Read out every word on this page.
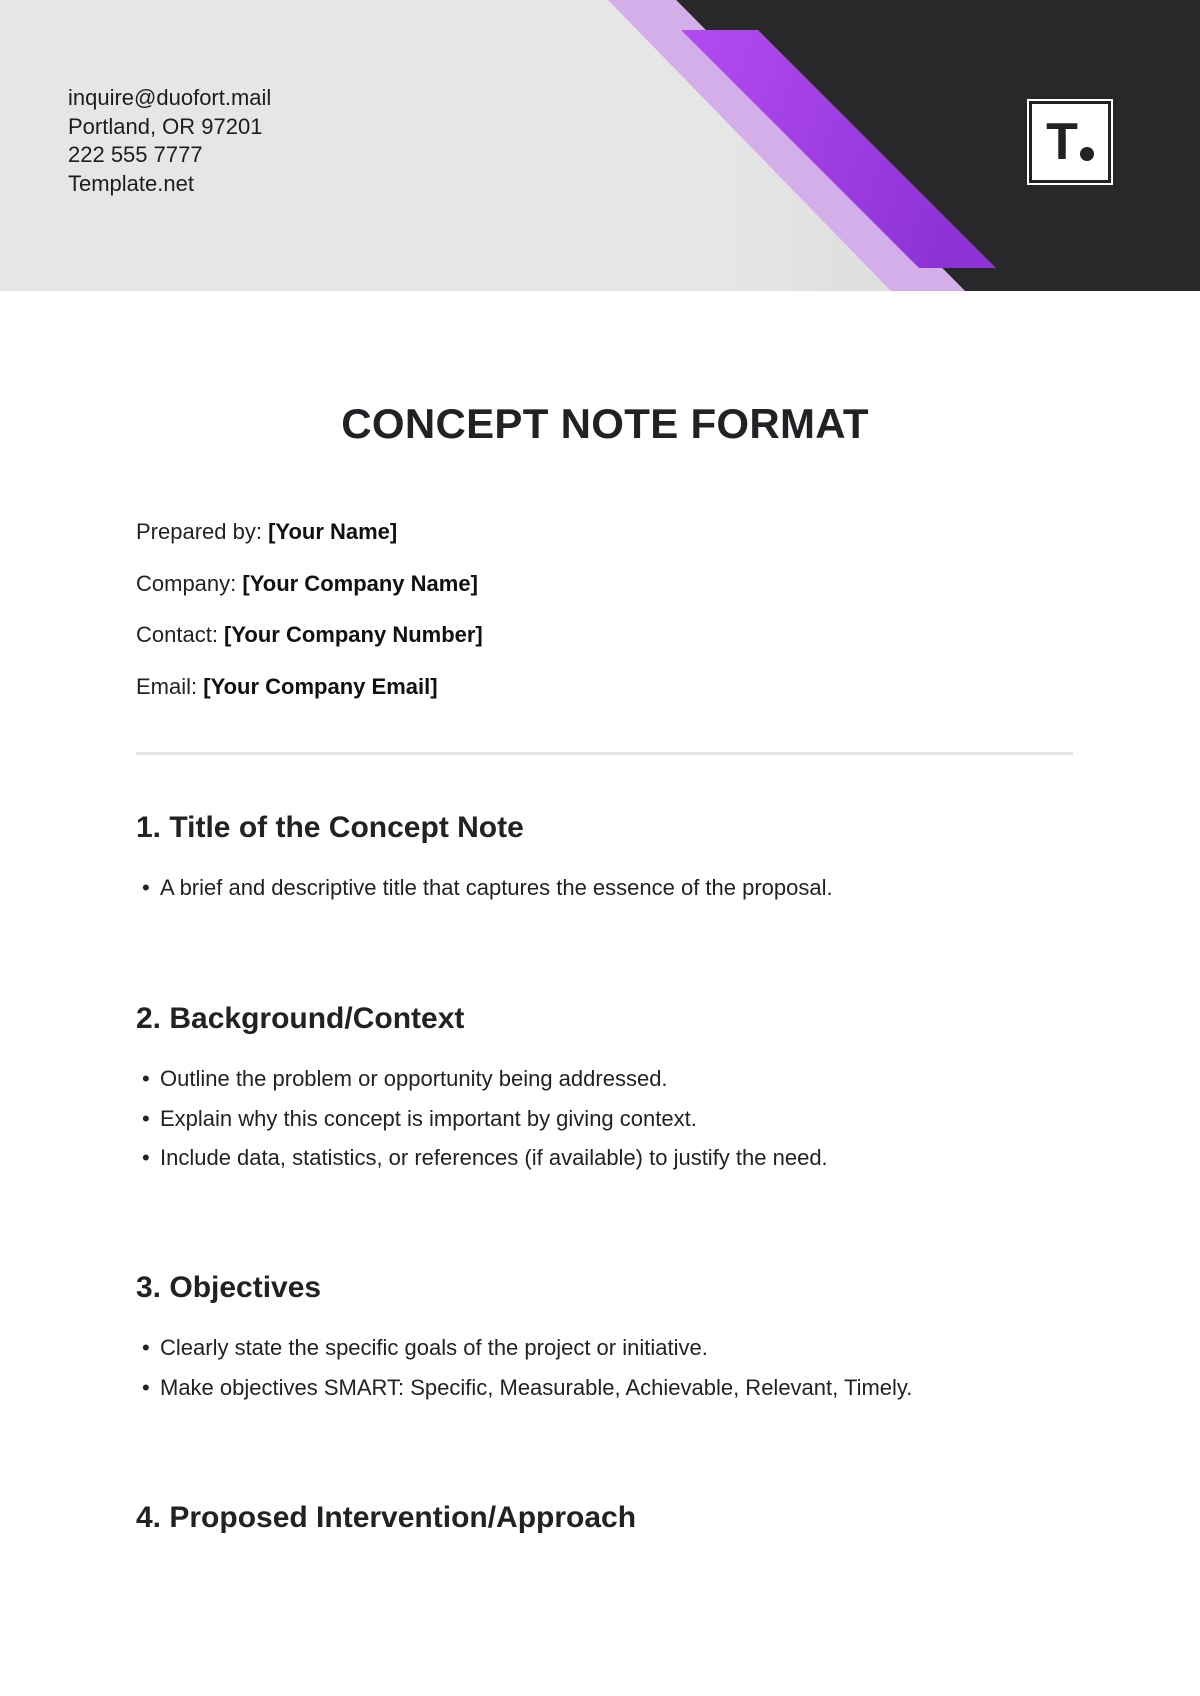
inquire@duofort.mail
Portland, OR 97201
222 555 7777
Template.net
T
CONCEPT NOTE FORMAT
Prepared by: [Your Name]
Company: [Your Company Name]
Contact: [Your Company Number]
Email: [Your Company Email]
1. Title of the Concept Note
• A brief and descriptive title that captures the essence of the proposal.
2. Background/Context
• Outline the problem or opportunity being addressed.
• Explain why this concept is important by giving context.
• Include data, statistics, or references (if available) to justify the need.
3. Objectives
• Clearly state the specific goals of the project or initiative.
• Make objectives SMART: Specific, Measurable, Achievable, Relevant, Timely.
4. Proposed Intervention/Approach
